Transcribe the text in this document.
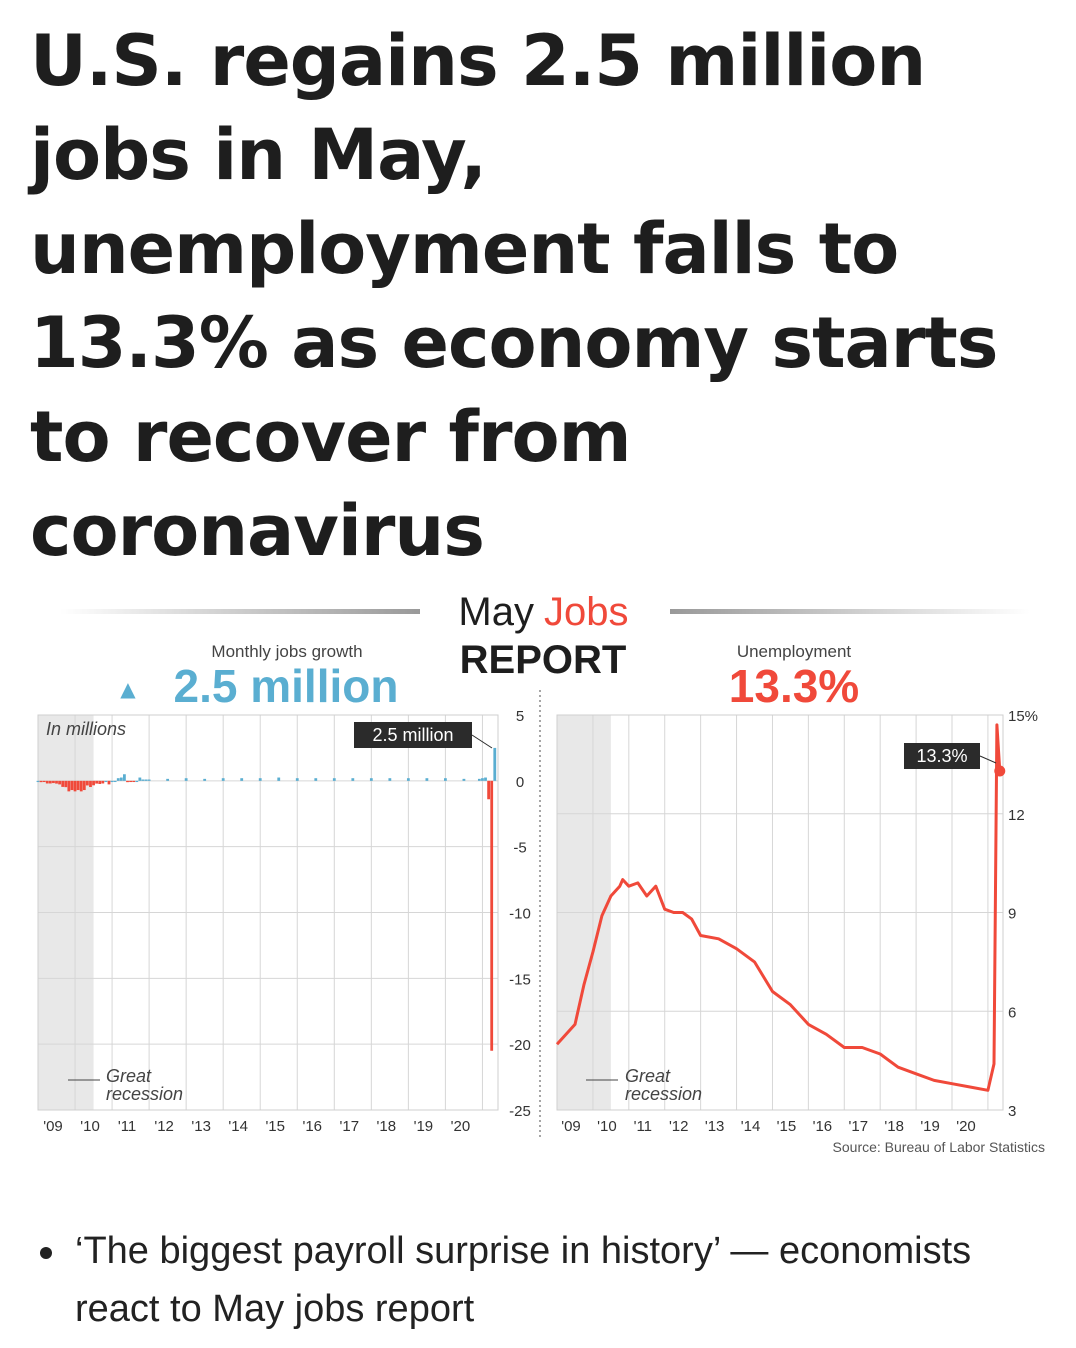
U.S. regains 2.5 million jobs in May, unemployment falls to 13.3% as economy starts to recover from coronavirus
May Jobs
REPORT
Monthly jobs growth
▲ 2.5 million
Unemployment
13.3%
5
0
-5
-10
-15
-20
-25
'09 '10 '11 '12 '13 '14 '15 '16 '17 '18 '19 '20
In millions	2.5 million
Great
recession
15%
12
9
6
3
'09 '10 '11 '12 '13 '14 '15 '16 '17 '18 '19 '20
13.3%
Great
recession
Source: Bureau of Labor Statistics
‘The biggest payroll surprise in history’ — economists react to May jobs report
